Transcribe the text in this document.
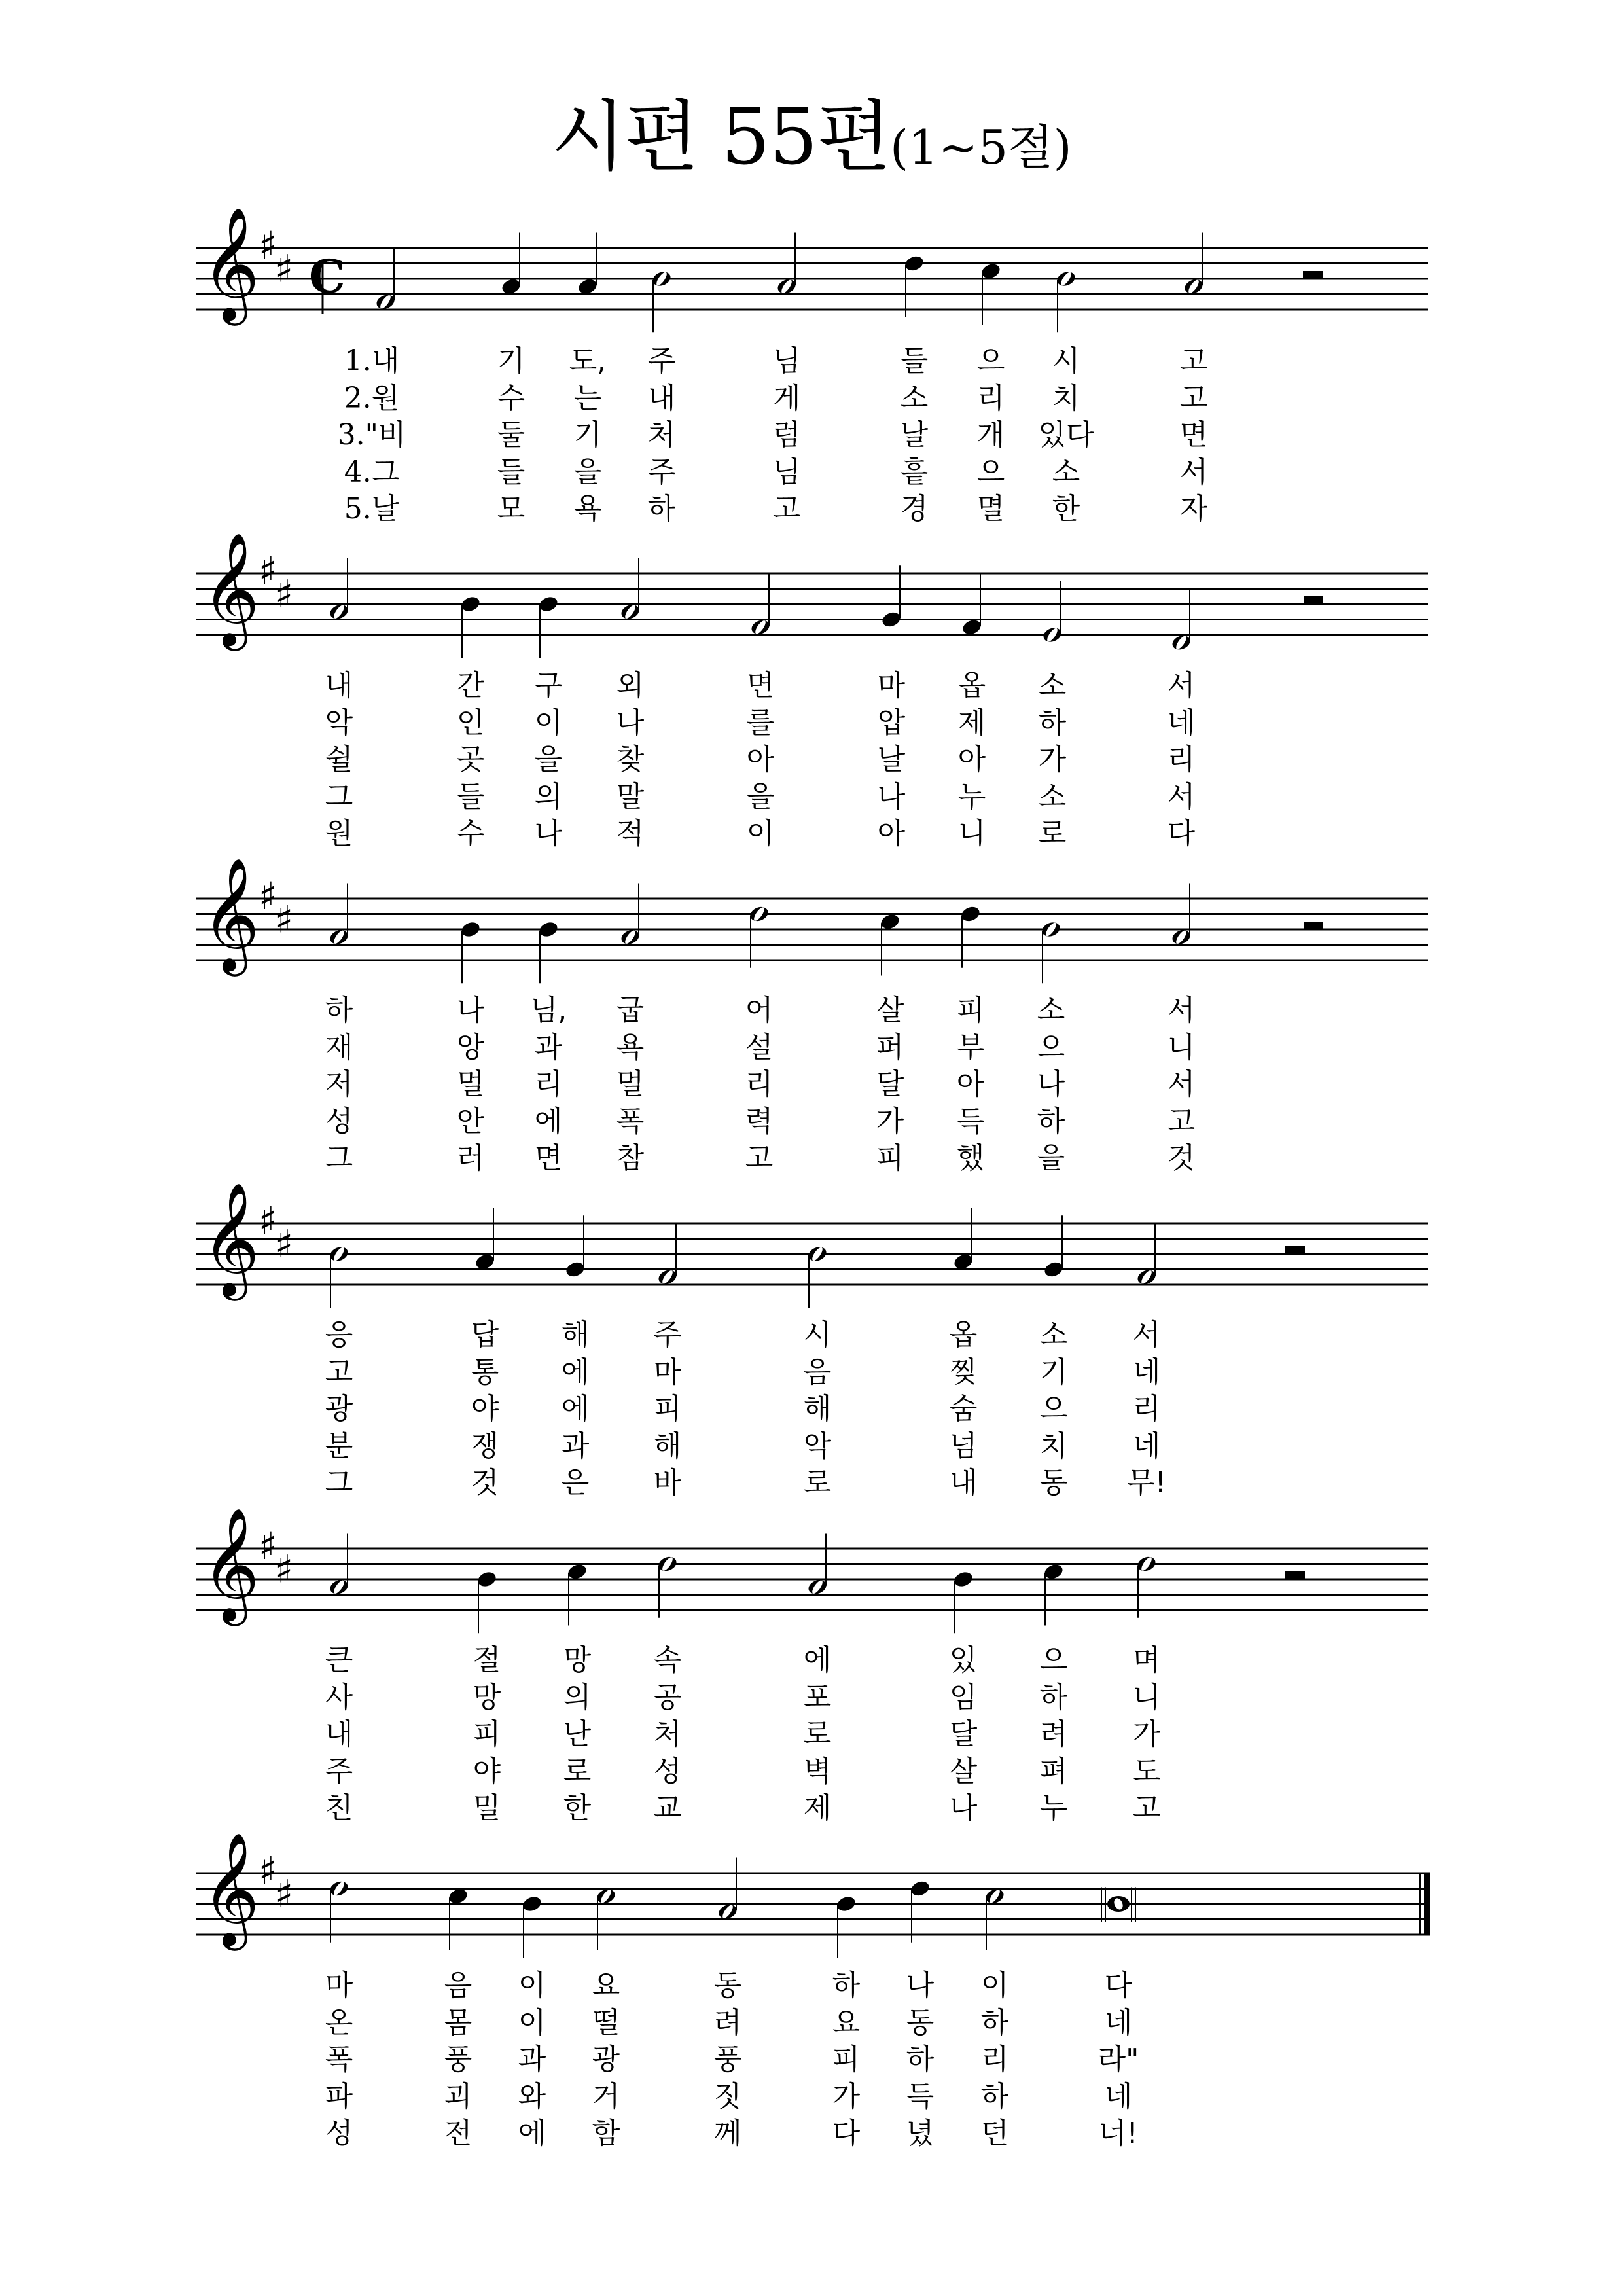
시편 55편(1~5절)
𝄞
♯
♯ C
1. 내	기 도, 주	님	들 으 시	고
2. 원	수 는 내	게	소 리 치	고
3. "비	둘 기 처	럼	날 개 있다	면
4. 그	들 을 주	님	흩 으 소	서
5. 날	모 욕 하	고	경 멸 한	자
𝄞
♯
♯
내	간 구 외	면	마 옵 소	서
악	인 이 나	를	압 제 하	네
쉴	곳 을 찾	아	날 아 가	리
그	들 의 말	을	나 누 소	서
원	수 나 적	이	아 니 로	다
𝄞
♯
♯
하	나 님, 굽	어	살 피 소	서
재	앙 과 욕	설	퍼 부 으	니
저	멀 리 멀	리	달 아 나	서
성	안 에 폭	력	가 득 하	고
그	러 면 참	고	피 했 을	것
𝄞
♯
♯
응	답 해 주	시	옵 소 서
고	통 에 마	음	찢 기 네
광	야 에 피	해	숨 으 리
분	쟁 과 해	악	넘 치 네
그	것 은 바	로	내 동 무!
𝄞
♯
♯
큰	절 망 속	에	있 으 며
사	망 의 공	포	임 하 니
내	피 난 처	로	달 려 가
주	야 로 성	벽	살 펴 도
친	밀 한 교	제	나 누 고
𝄞
♯
♯
마	음 이 요	동	하 나 이	다
온	몸 이 떨	려	요 동 하	네
폭	풍 과 광	풍	피 하 리	라"
파	괴 와 거	짓	가 득 하	네
성	전 에 함	께	다 녔 던	너!
